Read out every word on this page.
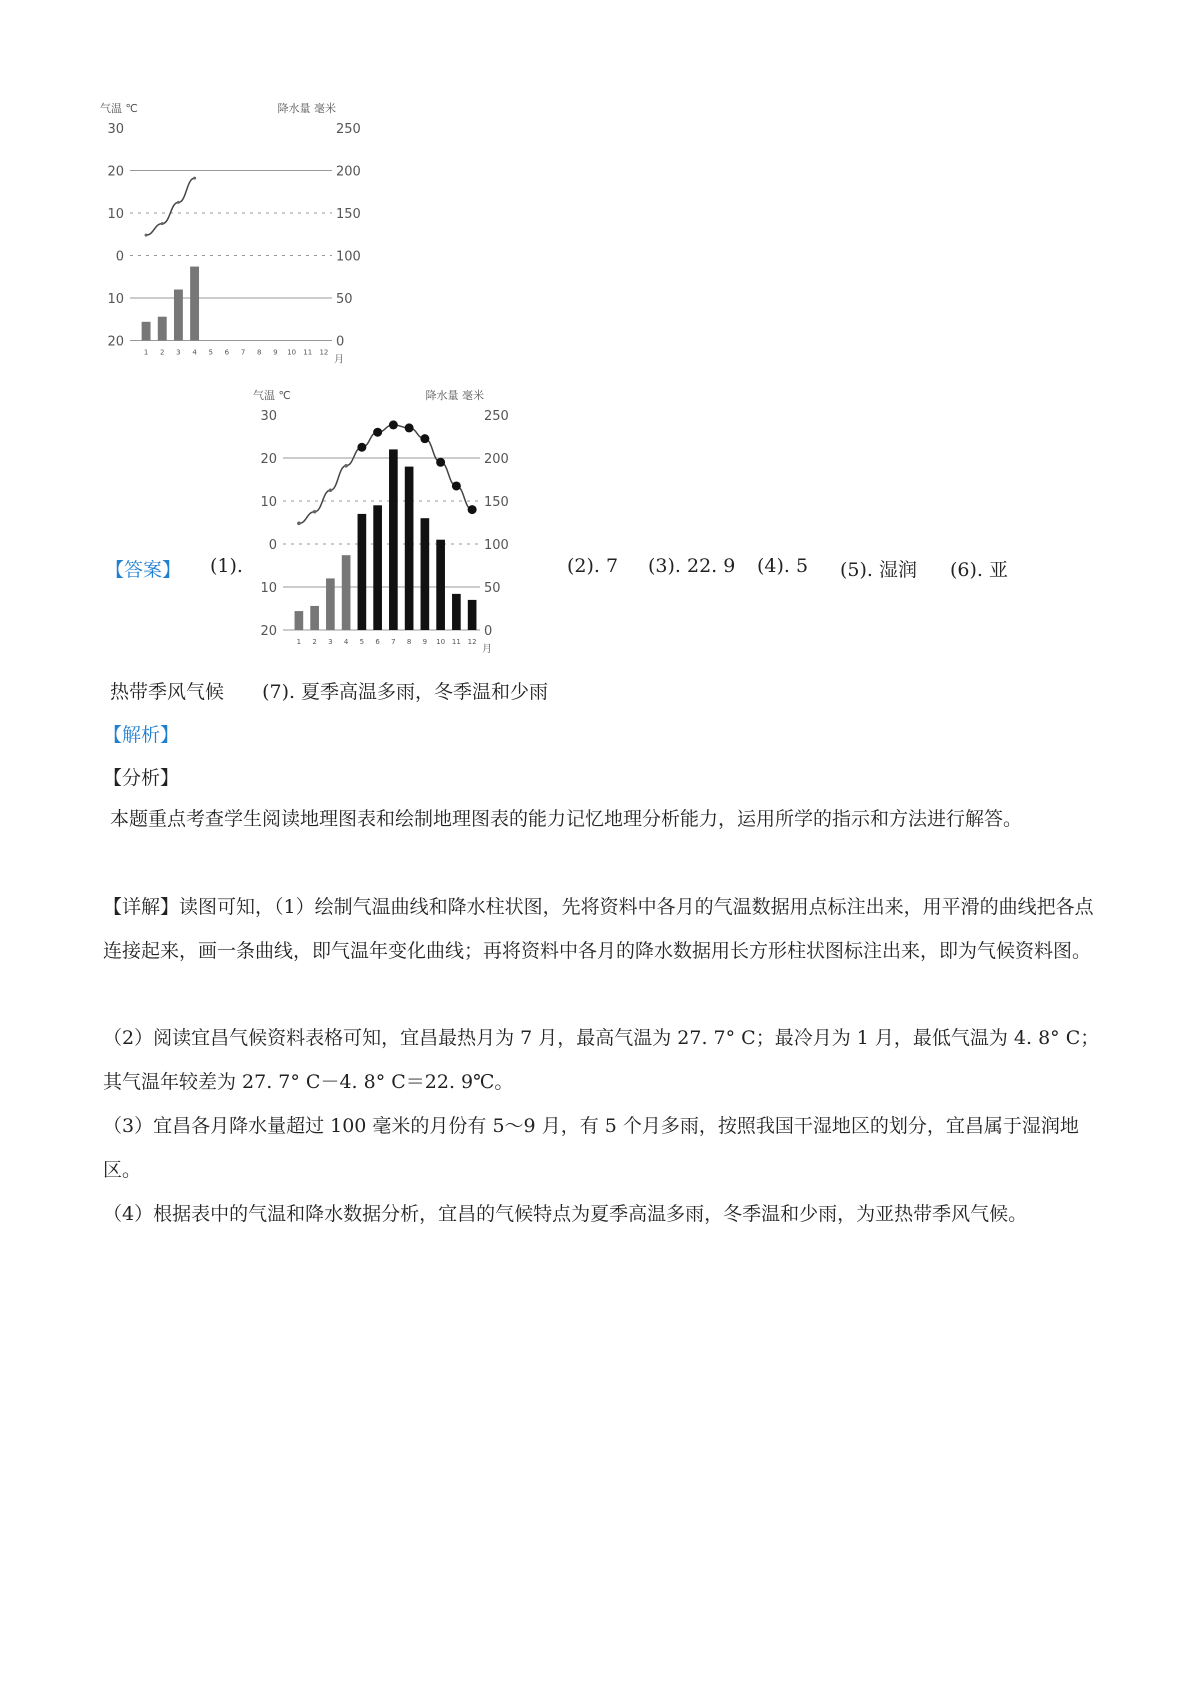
30	250
20	200
10	150
0	100
10	50
20	0
气温 ℃	降水量 毫米
月
1 2 3 4 5 6 7 8 9 10 11 12
30	250
20	200
10	150
0	100
10	50
20	0
气温 ℃	降水量 毫米
月
1 2 3 4 5 6 7 8 9 10 11 12
【答案】 (1).	(2). 7 (3). 22. 9 (4). 5 (5). 湿润 (6). 亚
热带季风气候 (7). 夏季高温多雨，冬季温和少雨
【解析】
【分析】
本题重点考查学生阅读地理图表和绘制地理图表的能力记忆地理分析能力，运用所学的指示和方法进行解答。
【详解】读图可知，（1）绘制气温曲线和降水柱状图，先将资料中各月的气温数据用点标注出来，用平滑的曲线把各点连接起来，画一条曲线，即气温年变化曲线；再将资料中各月的降水数据用长方形柱状图标注出来，即为气候资料图。
（2）阅读宜昌气候资料表格可知，宜昌最热月为 7 月，最高气温为 27. 7° C；最冷月为 1 月，最低气温为 4. 8° C；其气温年较差为 27. 7° C－4. 8° C＝22. 9℃。
（3）宜昌各月降水量超过 100 毫米的月份有 5～9 月，有 5 个月多雨，按照我国干湿地区的划分，宜昌属于湿润地区。
（4）根据表中的气温和降水数据分析，宜昌的气候特点为夏季高温多雨，冬季温和少雨，为亚热带季风气候。
